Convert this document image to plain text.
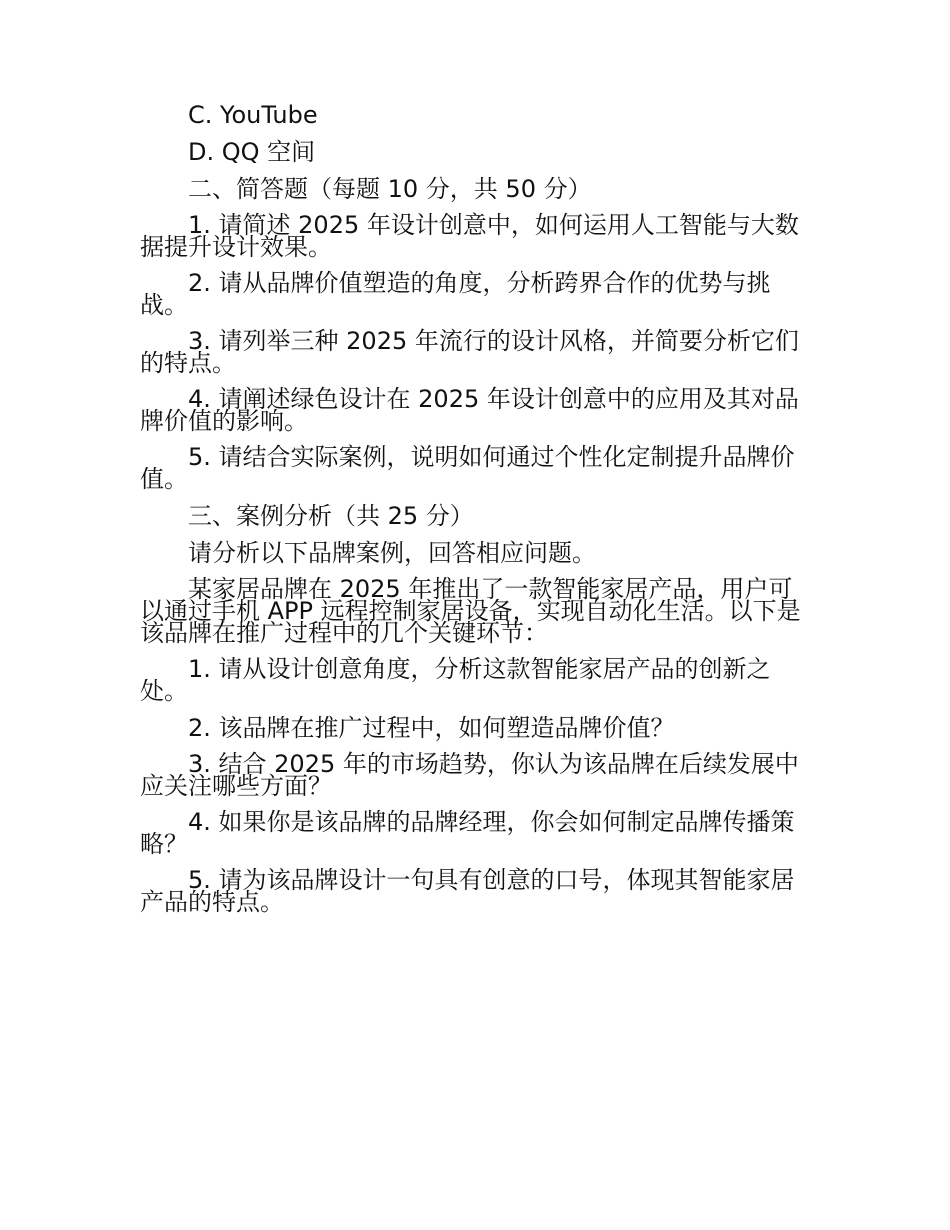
C. YouTube

D. QQ 空间

二、简答题（每题 10 分，共 50 分）

1. 请简述 2025 年设计创意中，如何运用人工智能与大数据提升设计效果。

2. 请从品牌价值塑造的角度，分析跨界合作的优势与挑战。

3. 请列举三种 2025 年流行的设计风格，并简要分析它们的特点。

4. 请阐述绿色设计在 2025 年设计创意中的应用及其对品牌价值的影响。

5. 请结合实际案例，说明如何通过个性化定制提升品牌价值。

三、案例分析（共 25 分）

请分析以下品牌案例，回答相应问题。

某家居品牌在 2025 年推出了一款智能家居产品，用户可以通过手机 APP 远程控制家居设备，实现自动化生活。以下是该品牌在推广过程中的几个关键环节：

1. 请从设计创意角度，分析这款智能家居产品的创新之处。

2. 该品牌在推广过程中，如何塑造品牌价值？

3. 结合 2025 年的市场趋势，你认为该品牌在后续发展中应关注哪些方面？

4. 如果你是该品牌的品牌经理，你会如何制定品牌传播策略？

5. 请为该品牌设计一句具有创意的口号，体现其智能家居产品的特点。
